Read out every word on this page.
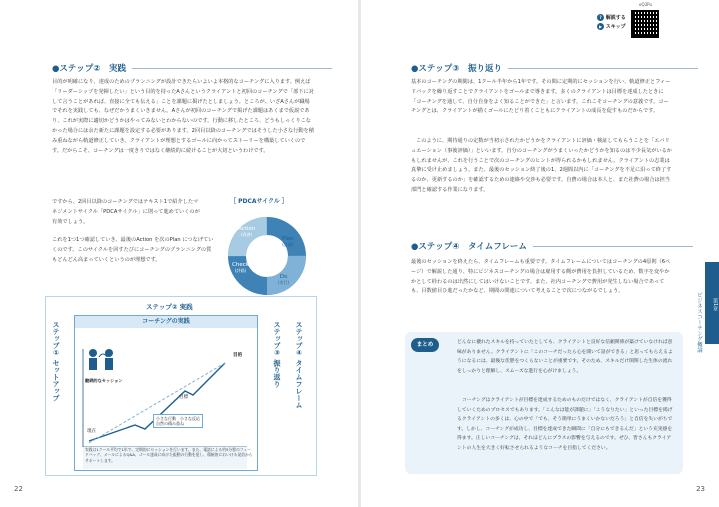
●ステップ②　実践
目的が明確になり、達成のためのプランニングが設計できたらいよいよ本格的なコーチングに入ります。例えば「リーダーシップを発揮したい」という目的を持ったAさんというクライアントと初回のコーチングで「部下に対して言うことがあれば、直接に全ても伝える」ことを課題に掲げたとしましょう。ところが、いざAさんが職場でそれを実践しても、なぜだかうまくいきません。Aさんが初回のコーチングで掲げた課題はあくまで仮説であり、これが実際に適切かどうかはやってみないとわからないのです。行動に移したところ、どうもしっくりこなかった場合には余た新たに課題を設定する必要があります。2回目以降のコーチングではそうした小さな行動を積み重ねながら軌道修正していき、クライアントが理想とするゴールに向かってストーリーを構築していくのです。だからこそ、コーチングは一度きりではなく継続的に続けることが大切というわけです。
ですから、2回目以降のコーチングではテキスト1で紹介したマネジメントサイクル「PDCAサイクル」に則って進めていくのが有効でしょう。
これを1つ1つ確認していき、最後のAction を次のPlan につなげていくのです。このサイクルを回すたびにコーチングのプランニングの質もどんどん高まっていくというのが理想です。
［ PDCAサイクル ］
Action
(改善)
Plan
(計画)
Check
(評価)
Do
(実行)
ステップ② 実践
ステップ① セットアップ	コーチングの実践
継続的なセッション
目標
目的
現在
小さな行動　小さな反応
自然の積み重ね
実践は1クール平均で1年で、定期的にセッションを行います。また、電話による約5分程のフィードバック、メールによるQ&A、ゴール達成に向けた振動の行動を促し、積極的においける発信からサポートします。
ステップ③ 振り返り ステップ④ タイムフレーム
22
eQ3Pu
? 解説する
▶ スキップ
●ステップ③　振り返り
基本のコーチングの期間は、1クール半年から1年です。その間に定期的にセッションを行い、軌道修正とフィードバックを繰り返すことでクライアントをゴールまで導きます。多くのクライアントは目標を達成したときに「コーチングを通して、自分自身をよく知ることができた」と言います。これこそコーチングの意義です。コーチングとは、クライアントが描くゴールにたどり着くこともにクライアントの成長を促すものだからです。
このように、期待通りの定数が当初示されたかどうかをクライアントに評価・検証してもらうことを「エバリュエーション（事後評価）」といいます。自分のコーチングがうまくいったかどうかを知るのは不少長気がいるかもしれませんが、これを行うことで次のコーチングのヒントが得られるかもしれません。クライアントの志業は真摯に受け止めましょう。また、最後のセッション終了後の1、2週間以内に「コーチングを不足に沿って終了するのか、更新するのか」を確認するための連絡や交渉も必要です。自費の場合は本人と、また社費の場合は担当部門と確認する作業になります。
●ステップ④　タイムフレーム
最後のセッションを終えたら、タイムフレームも重要です。タイムフレームについてはコーチングの4原則（6ページ）で解説した通り、特にビジネスコーチングの場合は雇用する側が費用を負担しているため、数字を変やかかとして経わるのは出然にしてはいけないことです。また、社内コーチングで費用が発生しない場合であっても、目数値目ひ進だったかなど、期間の問連について考えることで次につながるでしょう。
まとめ	どんなに優れたスキルを持っていたとしても、クライアントと良好な信頼関係が築けていなければ意味がありません。クライアントに「このコーチだったら心を開いて話ができる」と思ってもらえるようになるには、最後な伏態をつくらないことが重要です。そのため、スキルだけ開関した生体の流れをしっかりと理解し、スムーズな進行を心がけましょう。
コーチングはクライアントが目標を達成するためのものだけではなく、クライアントが自信を獲得していくためのプロセスでもあります。「こんなは能が課題に」「こうなりたい」といった目標を掲げるクライアントの多くは、心の中で「でも、そう簡単にうまくいかないだろう」と自信を失いがちです。しかし、コーチングが成功し、目標を達成できた瞬間に「自分にもできるんだ」という充実感を得ます。正しいコーチングは、それほどんにプラスの影響を与えるのです。ぜひ、皆さんもクライアントの人生を大きく好転させられるようなコーチを目指してください。
第1章
ビジネスコーチング概論
23
